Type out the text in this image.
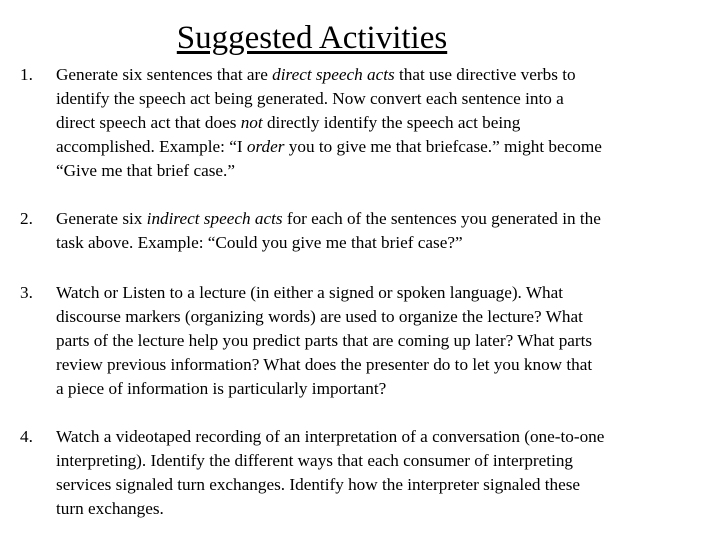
Suggested Activities
1. Generate six sentences that are direct speech acts that use directive verbs to
identify the speech act being generated. Now convert each sentence into a
direct speech act that does not directly identify the speech act being
accomplished. Example: “I order you to give me that briefcase.” might become
“Give me that brief case.”
2. Generate six indirect speech acts for each of the sentences you generated in the
task above. Example: “Could you give me that brief case?”
3. Watch or Listen to a lecture (in either a signed or spoken language). What
discourse markers (organizing words) are used to organize the lecture? What
parts of the lecture help you predict parts that are coming up later? What parts
review previous information? What does the presenter do to let you know that
a piece of information is particularly important?
4. Watch a videotaped recording of an interpretation of a conversation (one-to-one
interpreting). Identify the different ways that each consumer of interpreting
services signaled turn exchanges. Identify how the interpreter signaled these
turn exchanges.
